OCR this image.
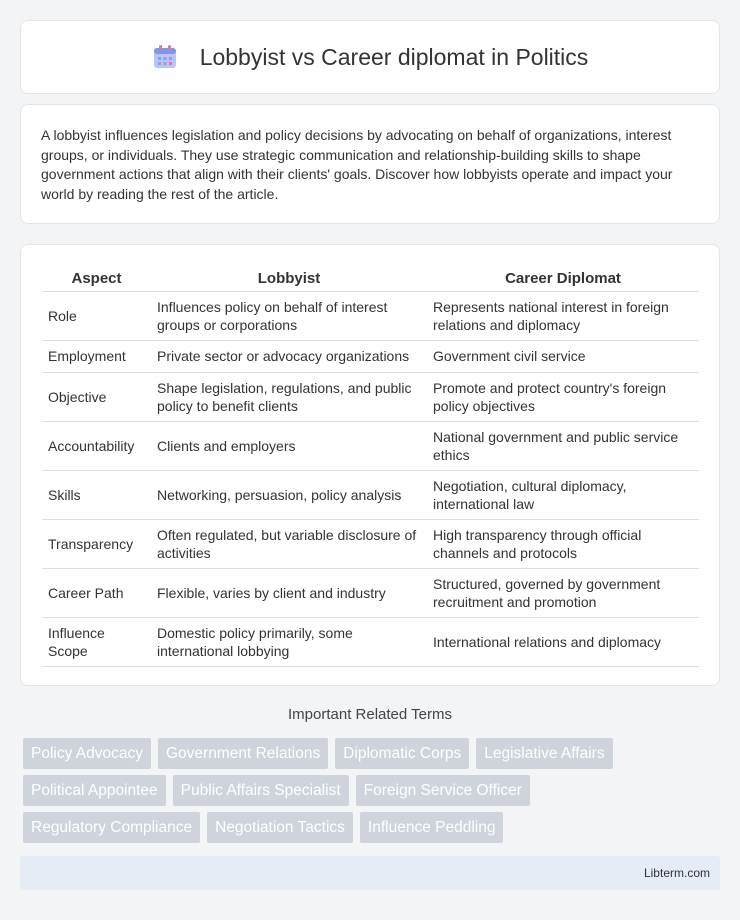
Lobbyist vs Career diplomat in Politics

A lobbyist influences legislation and policy decisions by advocating on behalf of organizations, interest groups, or individuals. They use strategic communication and relationship-building skills to shape government actions that align with their clients' goals. Discover how lobbyists operate and impact your world by reading the rest of the article.

Aspect	Lobbyist	Career Diplomat
Role	Influences policy on behalf of interest groups or corporations	Represents national interest in foreign relations and diplomacy
Employment	Private sector or advocacy organizations	Government civil service
Objective	Shape legislation, regulations, and public policy to benefit clients	Promote and protect country's foreign policy objectives
Accountability	Clients and employers	National government and public service ethics
Skills	Networking, persuasion, policy analysis	Negotiation, cultural diplomacy, international law
Transparency	Often regulated, but variable disclosure of activities	High transparency through official channels and protocols
Career Path	Flexible, varies by client and industry	Structured, governed by government recruitment and promotion
Influence Scope	Domestic policy primarily, some international lobbying	International relations and diplomacy
Important Related Terms
Policy Advocacy	Government Relations	Diplomatic Corps	Legislative Affairs
Political Appointee	Public Affairs Specialist	Foreign Service Officer
Regulatory Compliance	Negotiation Tactics	Influence Peddling
Libterm.com
